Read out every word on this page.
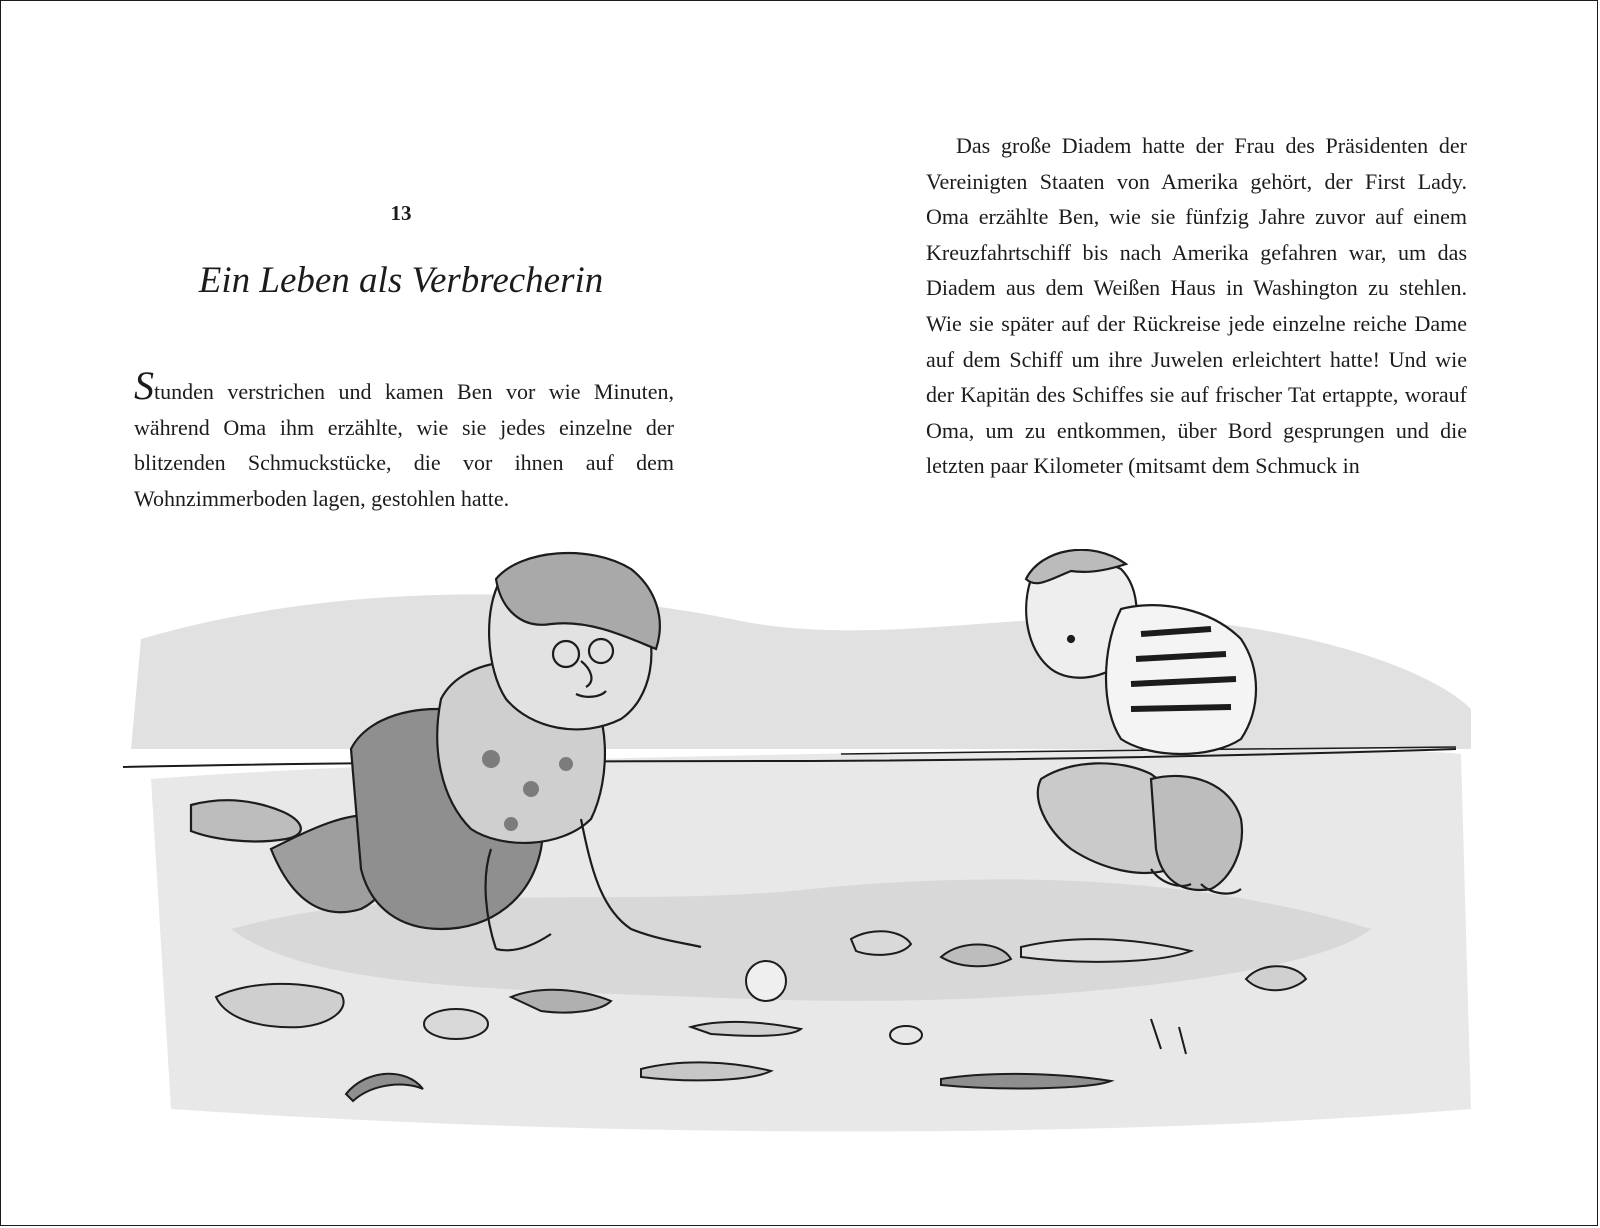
13
Ein Leben als Verbrecherin

Stunden verstrichen und kamen Ben vor wie Minuten, während Oma ihm erzählte, wie sie jedes einzelne der blitzenden Schmuckstücke, die vor ihnen auf dem Wohnzimmerboden lagen, gestohlen hatte.

Das große Diadem hatte der Frau des Präsidenten der Vereinigten Staaten von Amerika gehört, der First Lady. Oma erzählte Ben, wie sie fünfzig Jahre zuvor auf einem Kreuzfahrtschiff bis nach Amerika gefahren war, um das Diadem aus dem Weißen Haus in Washington zu stehlen. Wie sie später auf der Rückreise jede einzelne reiche Dame auf dem Schiff um ihre Juwelen erleichtert hatte! Und wie der Kapitän des Schiffes sie auf frischer Tat ertappte, worauf Oma, um zu entkommen, über Bord gesprungen und die letzten paar Kilometer (mitsamt dem Schmuck in
